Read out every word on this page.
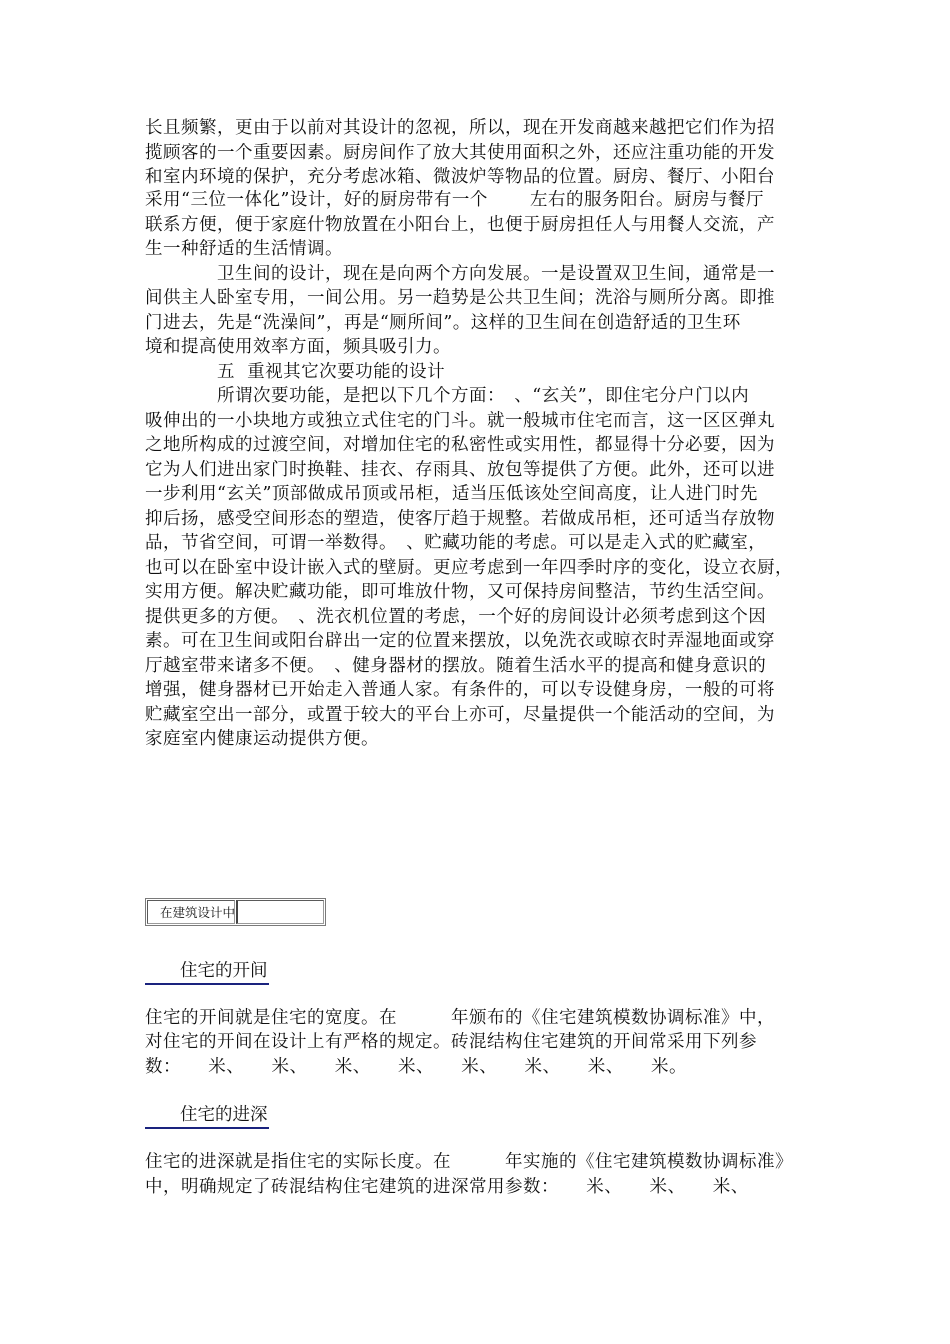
长且频繁，更由于以前对其设计的忽视，所以，现在开发商越来越把它们作为招
揽顾客的一个重要因素。厨房间作了放大其使用面积之外，还应注重功能的开发
和室内环境的保护，充分考虑冰箱、微波炉等物品的位置。厨房、餐厅、小阳台
采用“三位一体化”设计，好的厨房带有一个　　 左右的服务阳台。厨房与餐厅
联系方便，便于家庭什物放置在小阳台上，也便于厨房担任人与用餐人交流，产
生一种舒适的生活情调。
　　　　卫生间的设计，现在是向两个方向发展。一是设置双卫生间，通常是一
间供主人卧室专用，一间公用。另一趋势是公共卫生间；洗浴与厕所分离。即推
门进去，先是“洗澡间”，再是“厕所间”。这样的卫生间在创造舒适的卫生环
境和提高使用效率方面，频具吸引力。
　　　　五  重视其它次要功能的设计
　　　　所谓次要功能，是把以下几个方面：　、“玄关”，即住宅分户门以内
吸伸出的一小块地方或独立式住宅的门斗。就一般城市住宅而言，这一区区弹丸
之地所构成的过渡空间，对增加住宅的私密性或实用性，都显得十分必要，因为
它为人们进出家门时换鞋、挂衣、存雨具、放包等提供了方便。此外，还可以进
一步利用“玄关”顶部做成吊顶或吊柜，适当压低该处空间高度，让人进门时先
抑后扬，感受空间形态的塑造，使客厅趋于规整。若做成吊柜，还可适当存放物
品，节省空间，可谓一举数得。　、贮藏功能的考虑。可以是走入式的贮藏室，
也可以在卧室中设计嵌入式的壁厨。更应考虑到一年四季时序的变化，设立衣厨，
实用方便。解决贮藏功能，即可堆放什物，又可保持房间整洁，节约生活空间。
提供更多的方便。　、洗衣机位置的考虑，一个好的房间设计必须考虑到这个因
素。可在卫生间或阳台辟出一定的位置来摆放，以免洗衣或晾衣时弄湿地面或穿
厅越室带来诸多不便。　、健身器材的摆放。随着生活水平的提高和健身意识的
增强，健身器材已开始走入普通人家。有条件的，可以专设健身房，一般的可将
贮藏室空出一部分，或置于较大的平台上亦可，尽量提供一个能活动的空间，为
家庭室内健康运动提供方便。
在建筑设计中
　　住宅的开间
住宅的开间就是住宅的宽度。在　　　年颁布的《住宅建筑模数协调标准》中，
对住宅的开间在设计上有严格的规定。砖混结构住宅建筑的开间常采用下列参
数：　　米、　　米、　　米、　　米、　　米、　　米、　　米、　　米。
　　住宅的进深
住宅的进深就是指住宅的实际长度。在　　　年实施的《住宅建筑模数协调标准》
中，明确规定了砖混结构住宅建筑的进深常用参数：　　米、　　米、　　米、
